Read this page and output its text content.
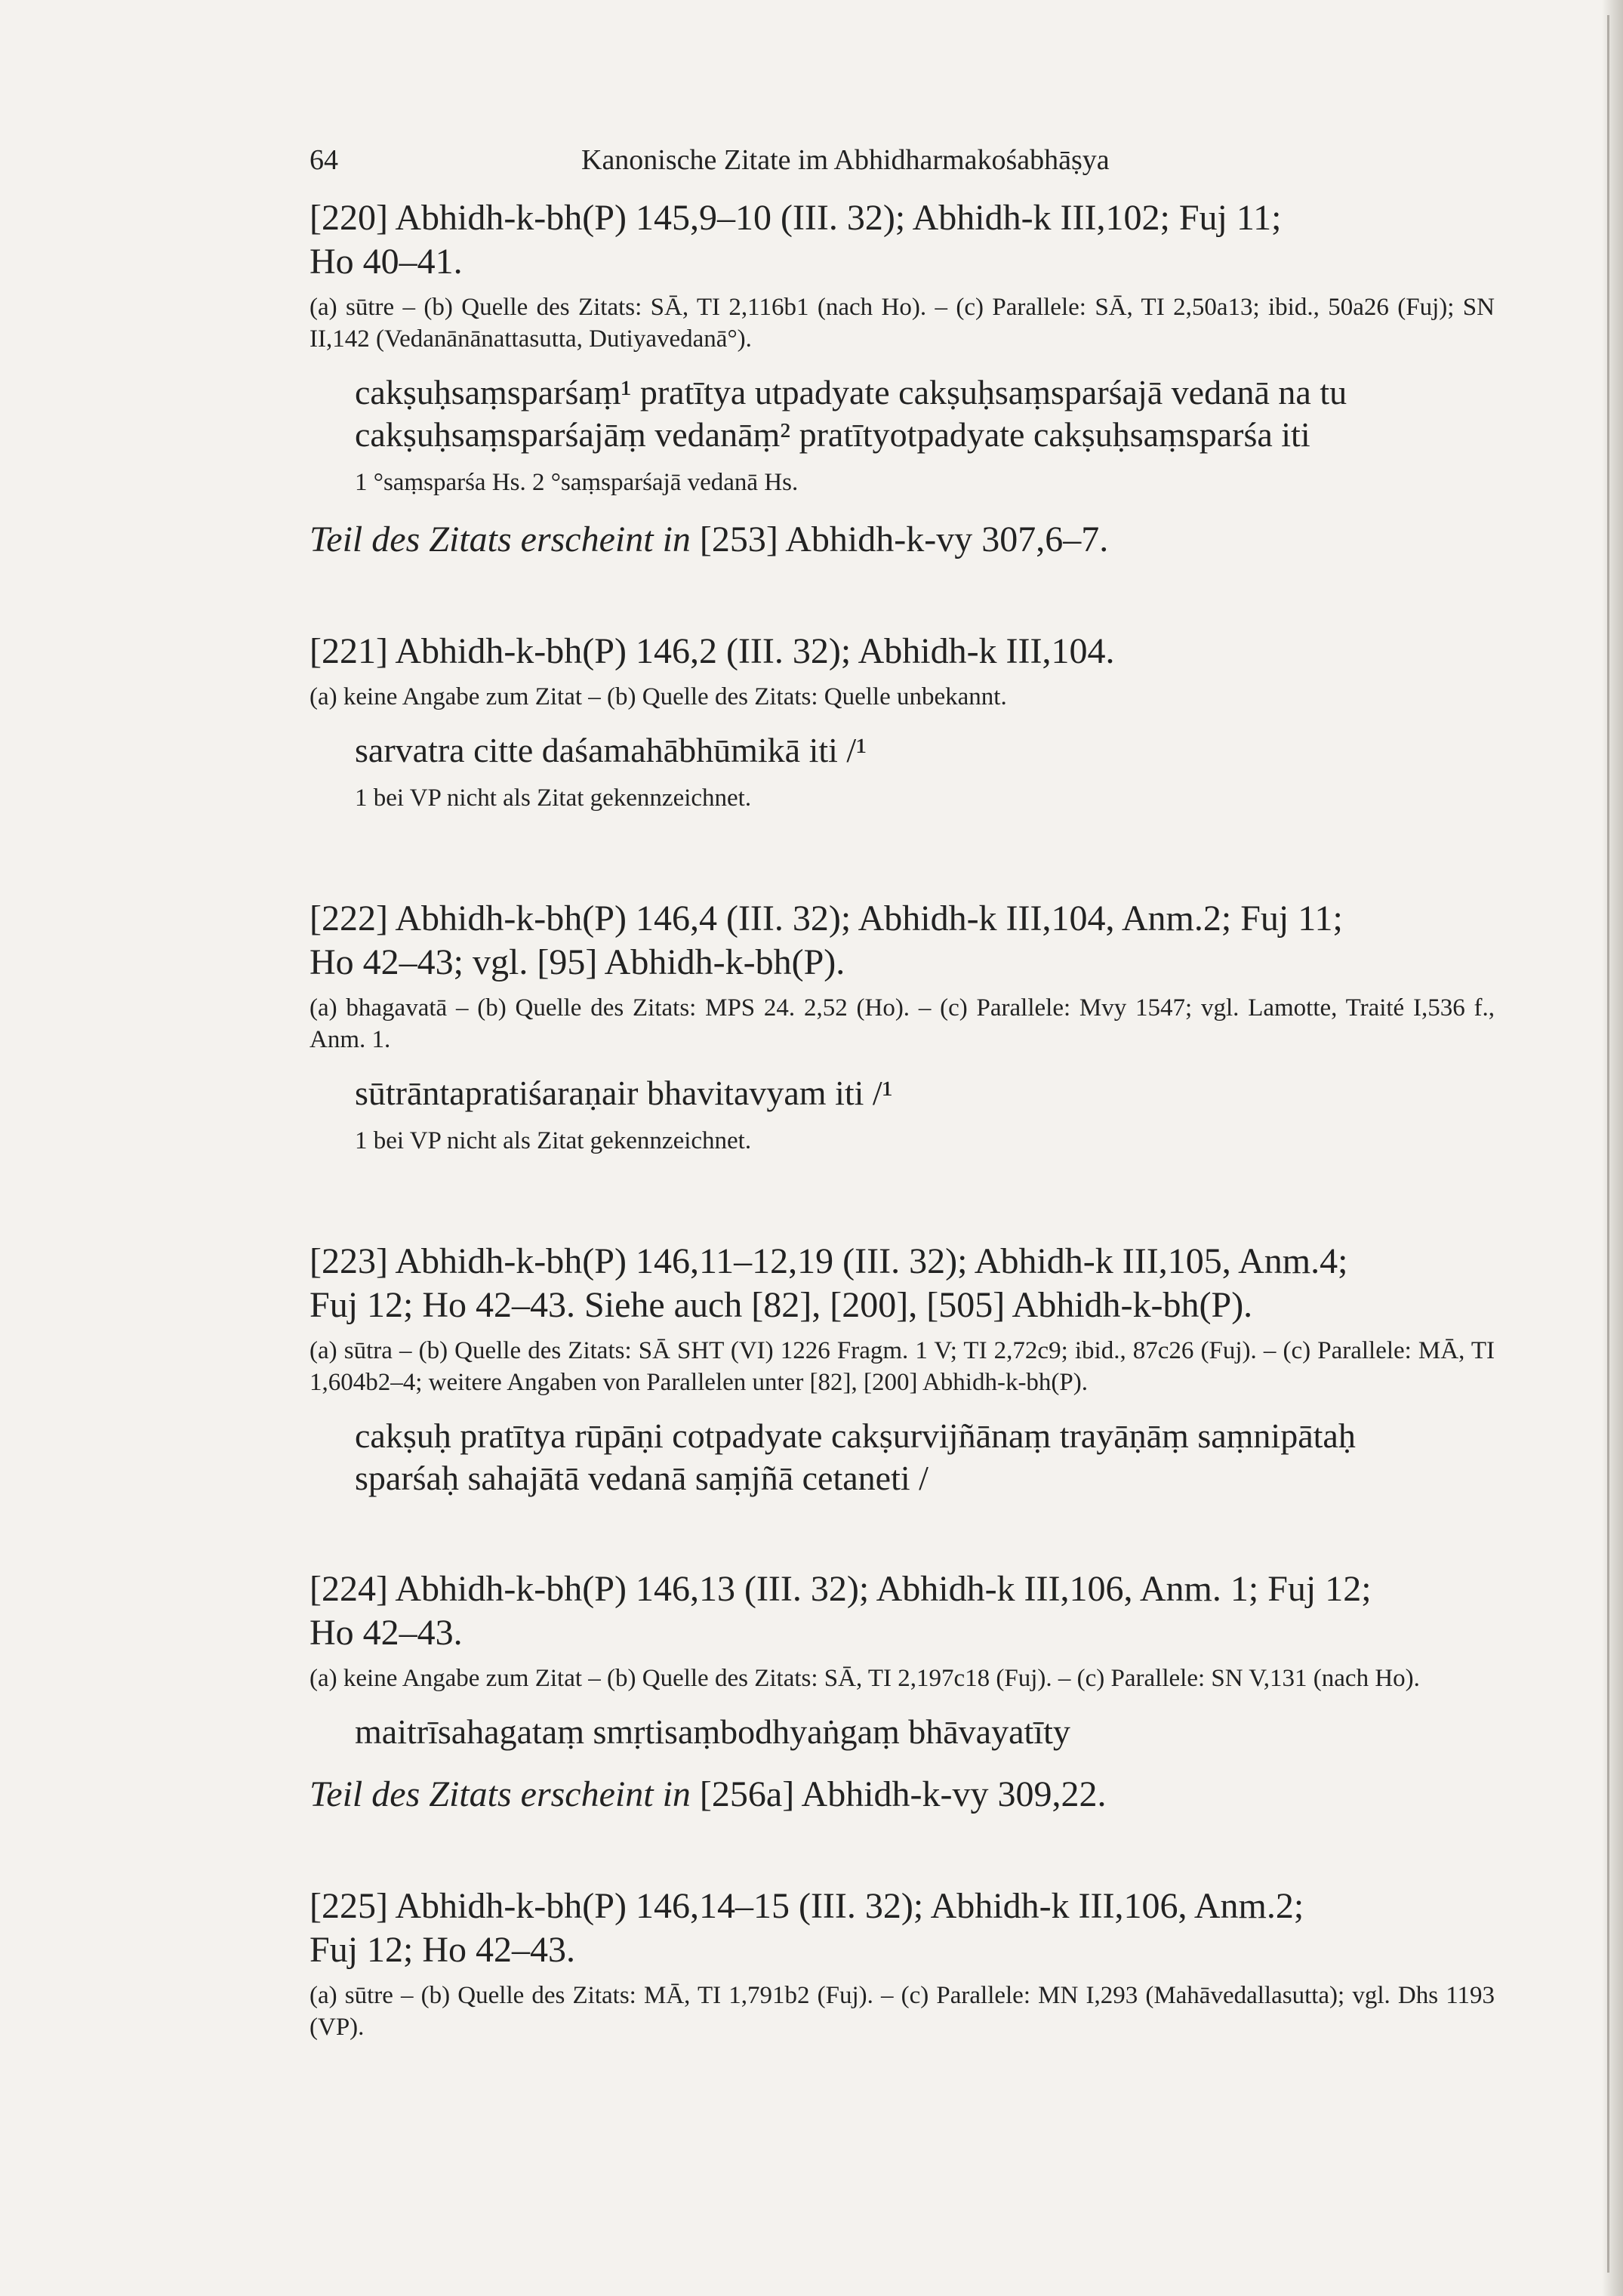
64	Kanonische Zitate im Abhidharmakośabhāṣya
[220] Abhidh-k-bh(P) 145,9–10 (III. 32); Abhidh-k III,102; Fuj 11;
Ho 40–41.
(a) sūtre – (b) Quelle des Zitats: SĀ, TI 2,116b1 (nach Ho). – (c) Parallele: SĀ, TI 2,50a13; ibid., 50a26 (Fuj); SN II,142 (Vedanānānattasutta, Dutiyavedanā°).
cakṣuḥsaṃsparśaṃ¹ pratītya utpadyate cakṣuḥsaṃsparśajā vedanā na tu
cakṣuḥsaṃsparśajāṃ vedanāṃ² pratītyotpadyate cakṣuḥsaṃsparśa iti
1 °saṃsparśa Hs. 2 °saṃsparśajā vedanā Hs.
Teil des Zitats erscheint in [253] Abhidh-k-vy 307,6–7.
[221] Abhidh-k-bh(P) 146,2 (III. 32); Abhidh-k III,104.
(a) keine Angabe zum Zitat – (b) Quelle des Zitats: Quelle unbekannt.
sarvatra citte daśamahābhūmikā iti /¹
1 bei VP nicht als Zitat gekennzeichnet.
[222] Abhidh-k-bh(P) 146,4 (III. 32); Abhidh-k III,104, Anm.2; Fuj 11;
Ho 42–43; vgl. [95] Abhidh-k-bh(P).
(a) bhagavatā – (b) Quelle des Zitats: MPS 24. 2,52 (Ho). – (c) Parallele: Mvy 1547; vgl. Lamotte, Traité I,536 f., Anm. 1.
sūtrāntapratiśaraṇair bhavitavyam iti /¹
1 bei VP nicht als Zitat gekennzeichnet.
[223] Abhidh-k-bh(P) 146,11–12,19 (III. 32); Abhidh-k III,105, Anm.4;
Fuj 12; Ho 42–43. Siehe auch [82], [200], [505] Abhidh-k-bh(P).
(a) sūtra – (b) Quelle des Zitats: SĀ SHT (VI) 1226 Fragm. 1 V; TI 2,72c9; ibid., 87c26 (Fuj). – (c) Parallele: MĀ, TI 1,604b2–4; weitere Angaben von Parallelen unter [82], [200] Abhidh-k-bh(P).
cakṣuḥ pratītya rūpāṇi cotpadyate cakṣurvijñānaṃ trayāṇāṃ saṃnipātaḥ
sparśaḥ sahajātā vedanā saṃjñā cetaneti /
[224] Abhidh-k-bh(P) 146,13 (III. 32); Abhidh-k III,106, Anm. 1; Fuj 12;
Ho 42–43.
(a) keine Angabe zum Zitat – (b) Quelle des Zitats: SĀ, TI 2,197c18 (Fuj). – (c) Parallele: SN V,131 (nach Ho).
maitrīsahagataṃ smṛtisaṃbodhyaṅgaṃ bhāvayatīty
Teil des Zitats erscheint in [256a] Abhidh-k-vy 309,22.
[225] Abhidh-k-bh(P) 146,14–15 (III. 32); Abhidh-k III,106, Anm.2;
Fuj 12; Ho 42–43.
(a) sūtre – (b) Quelle des Zitats: MĀ, TI 1,791b2 (Fuj). – (c) Parallele: MN I,293 (Mahāvedallasutta); vgl. Dhs 1193 (VP).
